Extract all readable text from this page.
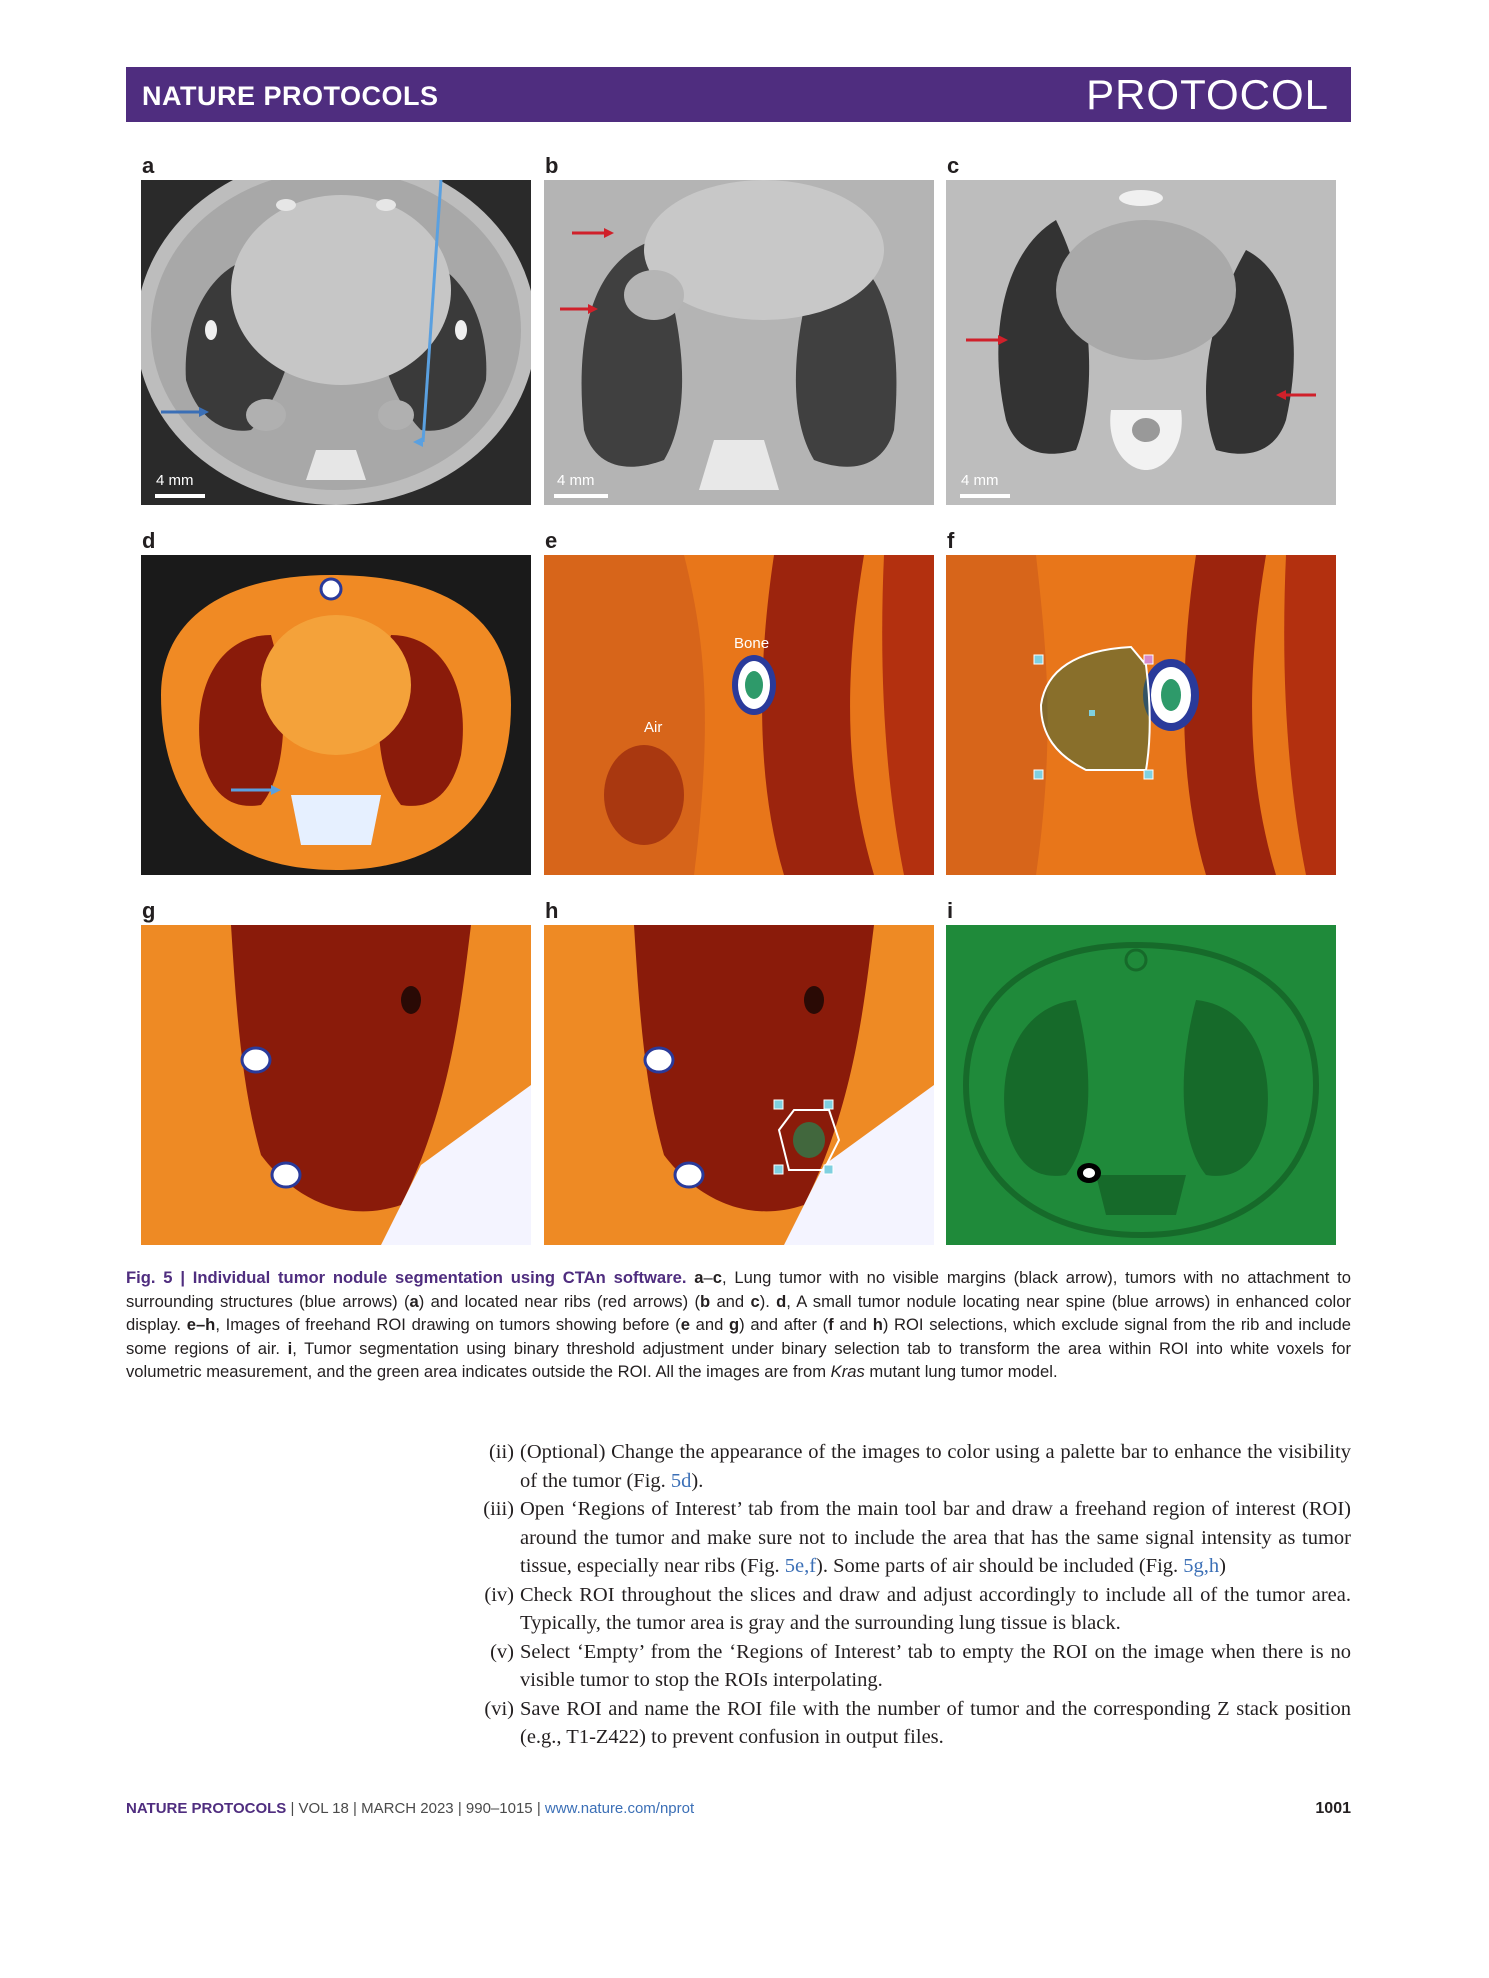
NATURE PROTOCOLS	PROTOCOL
a	b	c
d	e	f
g	h	i
4 mm	4 mm	4 mm
Bone
Air
Fig. 5 | Individual tumor nodule segmentation using CTAn software. a–c, Lung tumor with no visible margins (black arrow), tumors with no attachment to surrounding structures (blue arrows) (a) and located near ribs (red arrows) (b and c). d, A small tumor nodule locating near spine (blue arrows) in enhanced color display. e–h, Images of freehand ROI drawing on tumors showing before (e and g) and after (f and h) ROI selections, which exclude signal from the rib and include some regions of air. i, Tumor segmentation using binary threshold adjustment under binary selection tab to transform the area within ROI into white voxels for volumetric measurement, and the green area indicates outside the ROI. All the images are from Kras mutant lung tumor model.
(ii) (Optional) Change the appearance of the images to color using a palette bar to enhance the visibility of the tumor (Fig. 5d).
(iii) Open ‘Regions of Interest’ tab from the main tool bar and draw a freehand region of interest (ROI) around the tumor and make sure not to include the area that has the same signal intensity as tumor tissue, especially near ribs (Fig. 5e,f). Some parts of air should be included (Fig. 5g,h)
(iv) Check ROI throughout the slices and draw and adjust accordingly to include all of the tumor area. Typically, the tumor area is gray and the surrounding lung tissue is black.
(v) Select ‘Empty’ from the ‘Regions of Interest’ tab to empty the ROI on the image when there is no visible tumor to stop the ROIs interpolating.
(vi) Save ROI and name the ROI file with the number of tumor and the corresponding Z stack position (e.g., T1-Z422) to prevent confusion in output files.
NATURE PROTOCOLS | VOL 18 | MARCH 2023 | 990–1015 | www.nature.com/nprot	1001
